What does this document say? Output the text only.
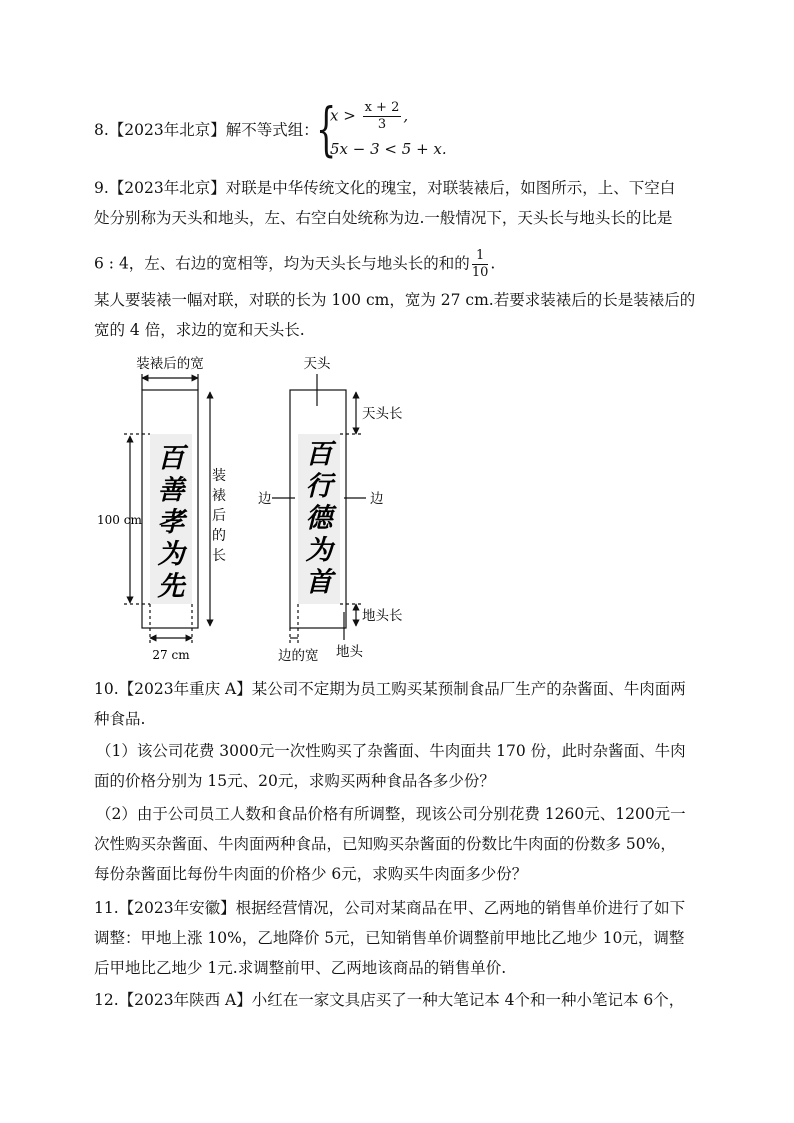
8.【2023年北京】解不等式组：
{
$x > \frac{x + 2}{3}$ ,
5x − 3 < 5 + x.
9.【2023年北京】对联是中华传统文化的瑰宝，对联装裱后，如图所示，上、下空白
处分别称为天头和地头，左、右空白处统称为边.一般情况下，天头长与地头长的比是
6 : 4，左、右边的宽相等，均为天头长与地头长的和的 $\frac{1}{10}$ .
某人要装裱一幅对联，对联的长为 100 cm，宽为 27 cm.若要求装裱后的长是装裱后的
宽的 4 倍，求边的宽和天头长.
装裱后的宽
100 cm
装
裱
后
的
长
27 cm
百
善
孝
为
先
天头
天头长
边	边
地头长
边的宽 地头
百
行
德
为
首
10.【2023年重庆 A】某公司不定期为员工购买某预制食品厂生产的杂酱面、牛肉面两
种食品.
（1）该公司花费 3000元一次性购买了杂酱面、牛肉面共 170 份，此时杂酱面、牛肉
面的价格分别为 15元、20元，求购买两种食品各多少份？
（2）由于公司员工人数和食品价格有所调整，现该公司分别花费 1260元、1200元一
次性购买杂酱面、牛肉面两种食品，已知购买杂酱面的份数比牛肉面的份数多 50%，
每份杂酱面比每份牛肉面的价格少 6元，求购买牛肉面多少份？
11.【2023年安徽】根据经营情况，公司对某商品在甲、乙两地的销售单价进行了如下
调整：甲地上涨 10%，乙地降价 5元，已知销售单价调整前甲地比乙地少 10元，调整
后甲地比乙地少 1元.求调整前甲、乙两地该商品的销售单价.
12.【2023年陕西 A】小红在一家文具店买了一种大笔记本 4个和一种小笔记本 6个，
